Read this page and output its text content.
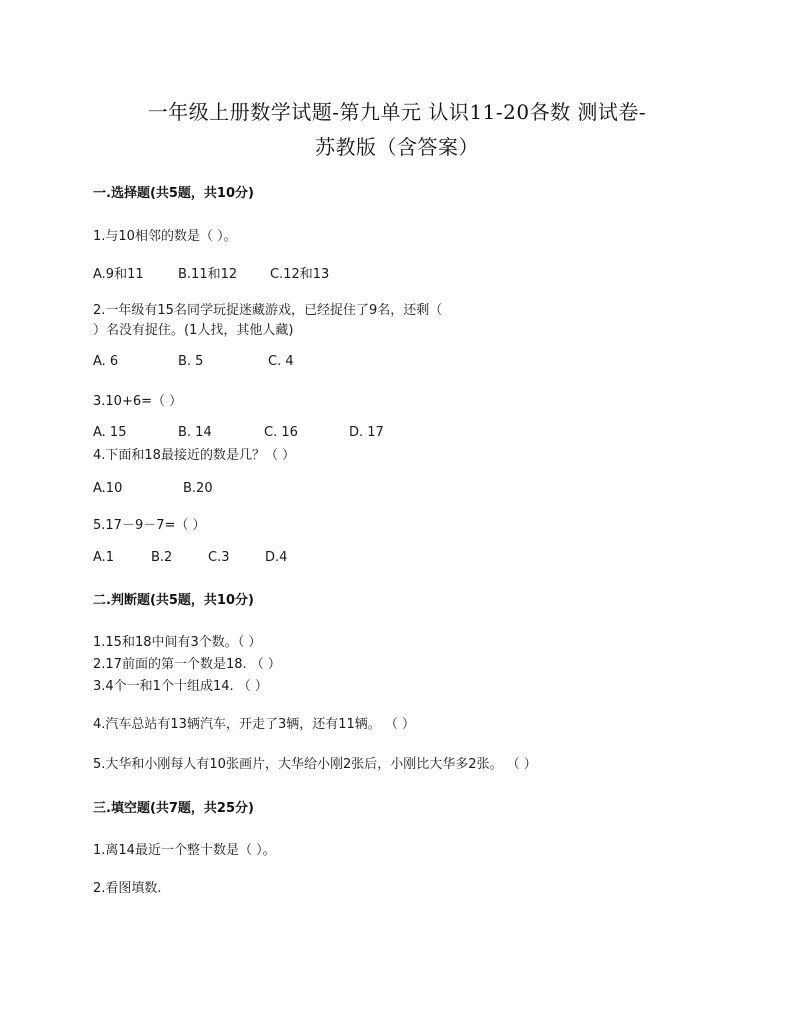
一年级上册数学试题-第九单元 认识11-20各数 测试卷-
苏教版（含答案）
一.选择题(共5题，共10分)
1.与10相邻的数是（ ）。
A.9和11	B.11和12	C.12和13
2.一年级有15名同学玩捉迷藏游戏，已经捉住了9名，还剩（
）名没有捉住。(1人找，其他人藏)
A. 6	B. 5	C. 4
3.10+6=（ ）
A. 15	B. 14	C. 16	D. 17
4.下面和18最接近的数是几？（ ）
A.10	B.20
5.17－9－7=（ ）
A.1	B.2	C.3	D.4
二.判断题(共5题，共10分)
1.15和18中间有3个数。（ ）
2.17前面的第一个数是18. （ ）
3.4个一和1个十组成14. （ ）
4.汽车总站有13辆汽车，开走了3辆，还有11辆。 （ ）
5.大华和小刚每人有10张画片，大华给小刚2张后，小刚比大华多2张。 （ ）
三.填空题(共7题，共25分)
1.离14最近一个整十数是（ ）。
2.看图填数.
